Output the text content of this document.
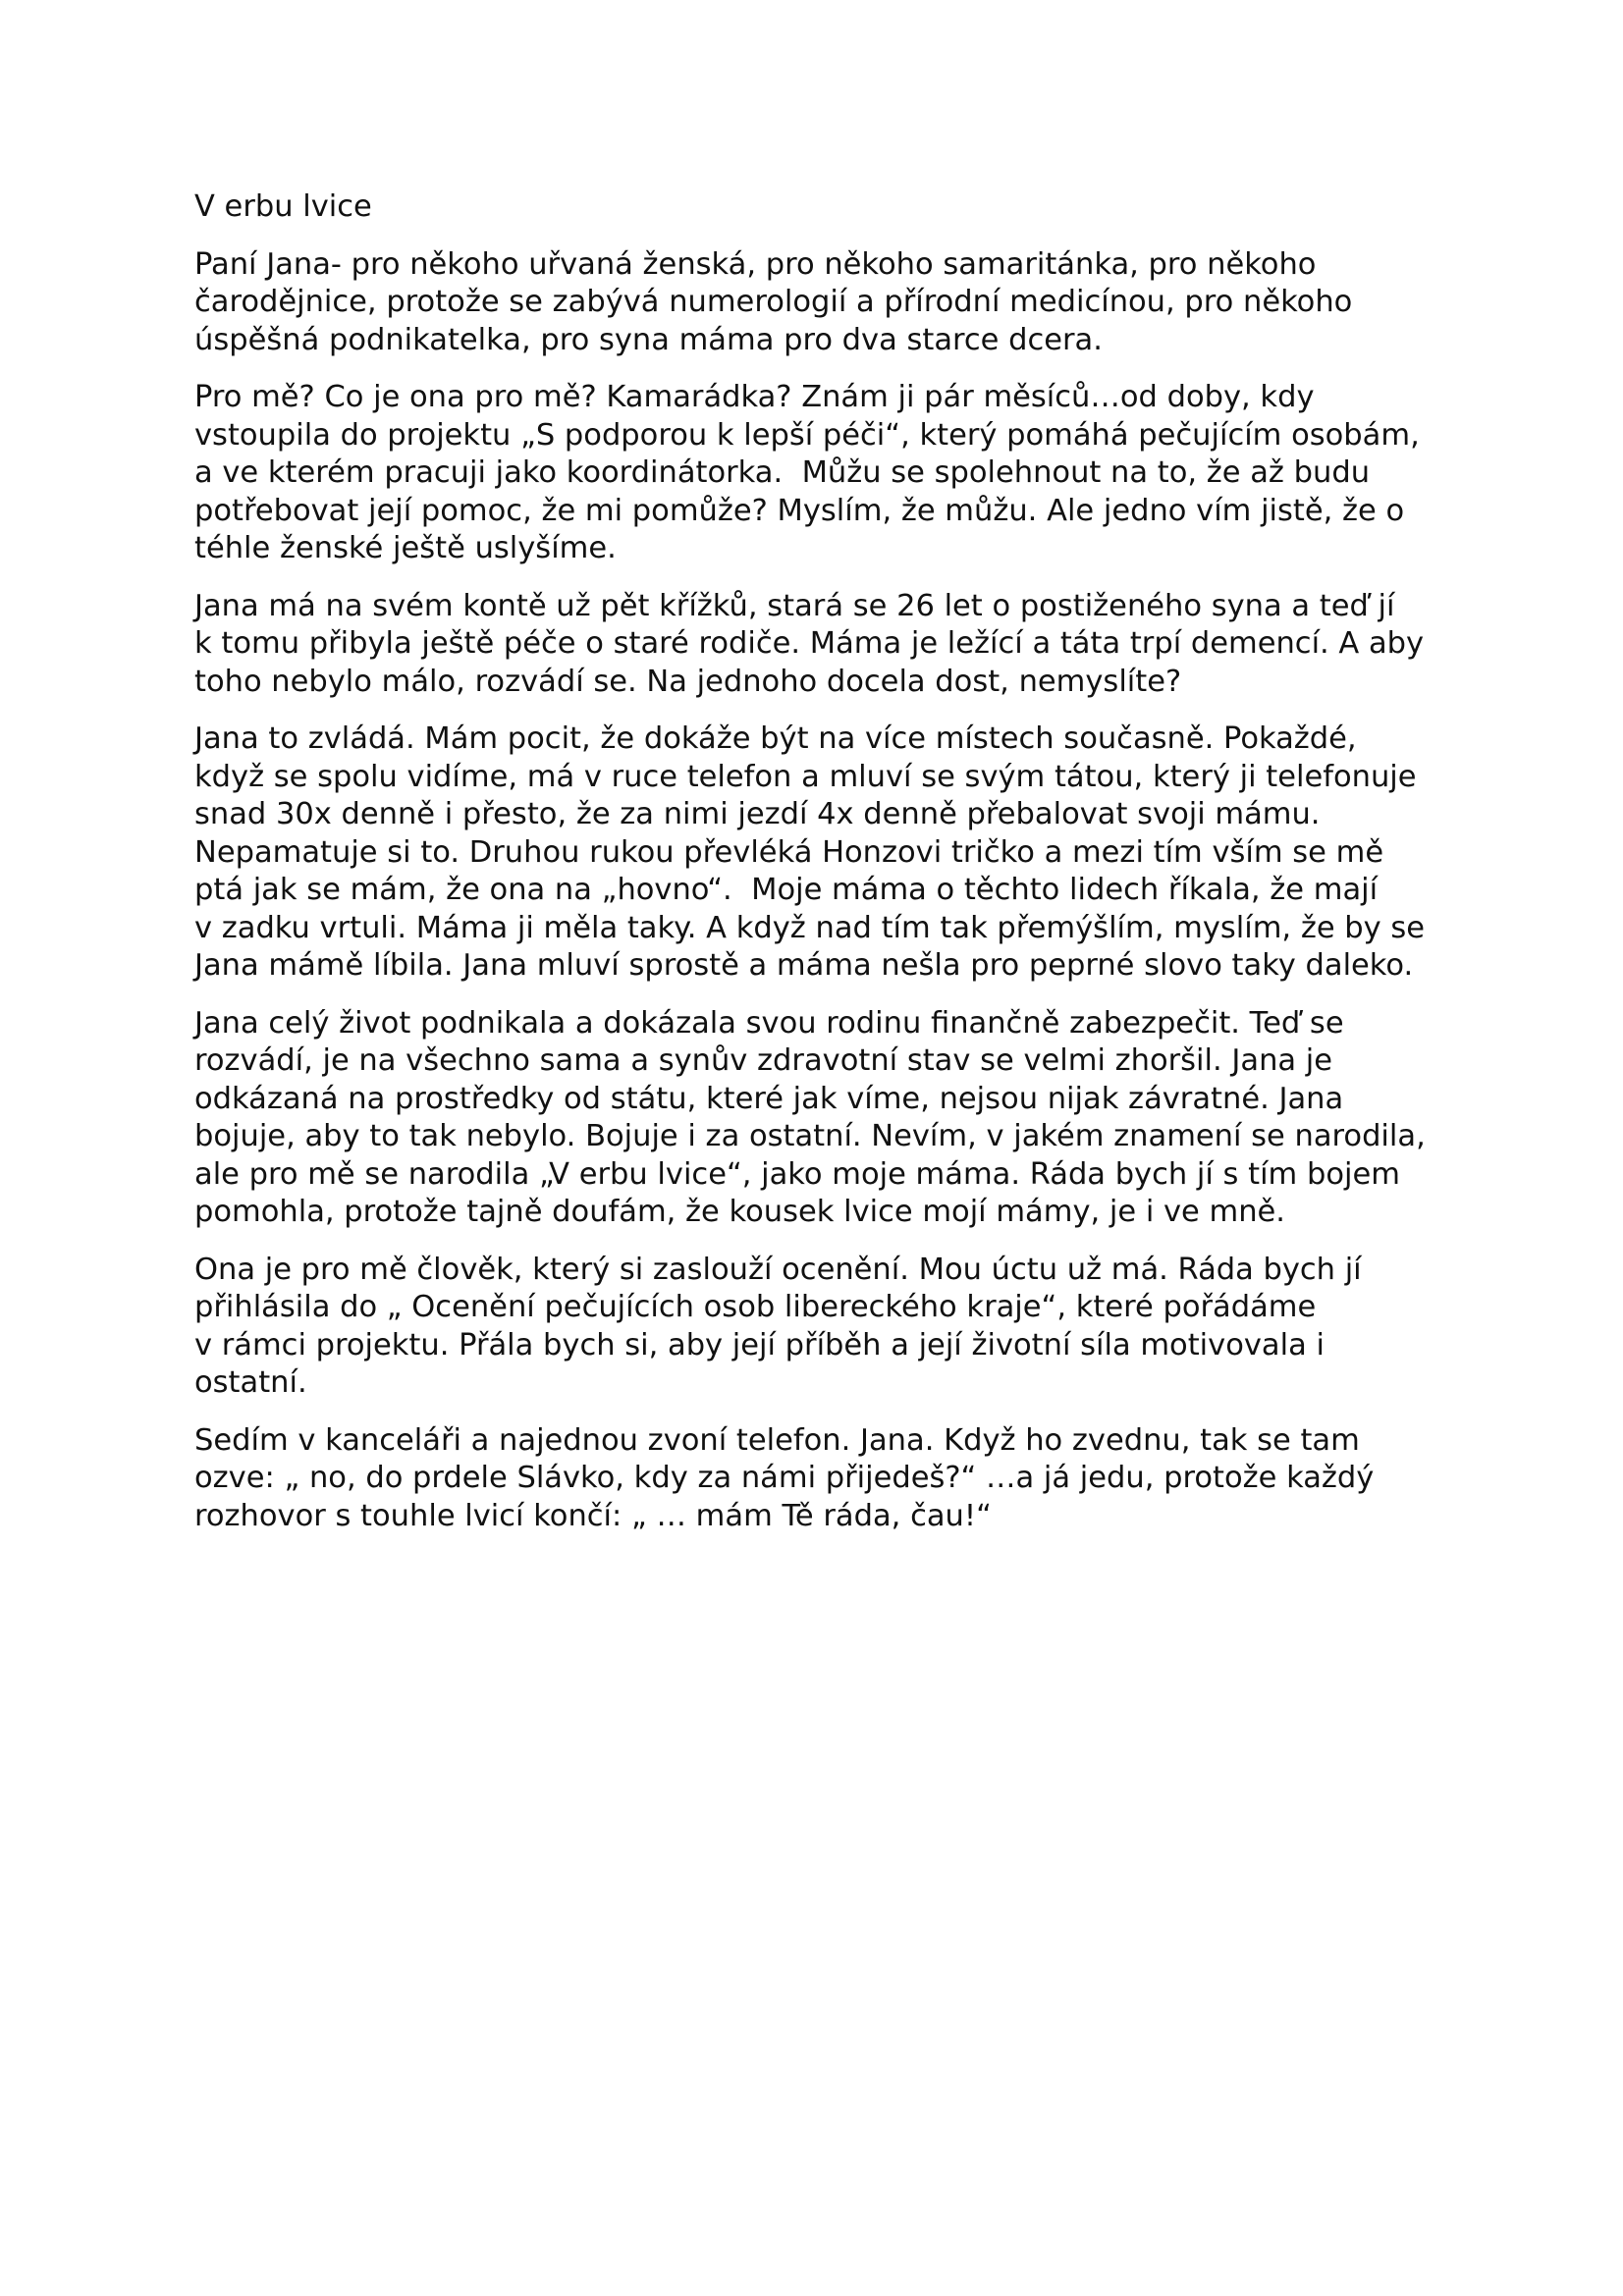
V erbu lvice

Paní Jana- pro někoho uřvaná ženská, pro někoho samaritánka, pro někoho
čarodějnice, protože se zabývá numerologií a přírodní medicínou, pro někoho
úspěšná podnikatelka, pro syna máma pro dva starce dcera.

Pro mě? Co je ona pro mě? Kamarádka? Znám ji pár měsíců…od doby, kdy
vstoupila do projektu „S podporou k lepší péči“, který pomáhá pečujícím osobám,
a ve kterém pracuji jako koordinátorka.  Můžu se spolehnout na to, že až budu
potřebovat její pomoc, že mi pomůže? Myslím, že můžu. Ale jedno vím jistě, že o
téhle ženské ještě uslyšíme.

Jana má na svém kontě už pět křížků, stará se 26 let o postiženého syna a teď jí
k tomu přibyla ještě péče o staré rodiče. Máma je ležící a táta trpí demencí. A aby
toho nebylo málo, rozvádí se. Na jednoho docela dost, nemyslíte?

Jana to zvládá. Mám pocit, že dokáže být na více místech současně. Pokaždé,
když se spolu vidíme, má v ruce telefon a mluví se svým tátou, který ji telefonuje
snad 30x denně i přesto, že za nimi jezdí 4x denně přebalovat svoji mámu.
Nepamatuje si to. Druhou rukou převléká Honzovi tričko a mezi tím vším se mě
ptá jak se mám, že ona na „hovno“.  Moje máma o těchto lidech říkala, že mají
v zadku vrtuli. Máma ji měla taky. A když nad tím tak přemýšlím, myslím, že by se
Jana mámě líbila. Jana mluví sprostě a máma nešla pro peprné slovo taky daleko.

Jana celý život podnikala a dokázala svou rodinu finančně zabezpečit. Teď se
rozvádí, je na všechno sama a synův zdravotní stav se velmi zhoršil. Jana je
odkázaná na prostředky od státu, které jak víme, nejsou nijak závratné. Jana
bojuje, aby to tak nebylo. Bojuje i za ostatní. Nevím, v jakém znamení se narodila,
ale pro mě se narodila „V erbu lvice“, jako moje máma. Ráda bych jí s tím bojem
pomohla, protože tajně doufám, že kousek lvice mojí mámy, je i ve mně.

Ona je pro mě člověk, který si zaslouží ocenění. Mou úctu už má. Ráda bych jí
přihlásila do „ Ocenění pečujících osob libereckého kraje“, které pořádáme
v rámci projektu. Přála bych si, aby její příběh a její životní síla motivovala i
ostatní.

Sedím v kanceláři a najednou zvoní telefon. Jana. Když ho zvednu, tak se tam
ozve: „ no, do prdele Slávko, kdy za námi přijedeš?“ …a já jedu, protože každý
rozhovor s touhle lvicí končí: „ … mám Tě ráda, čau!“
